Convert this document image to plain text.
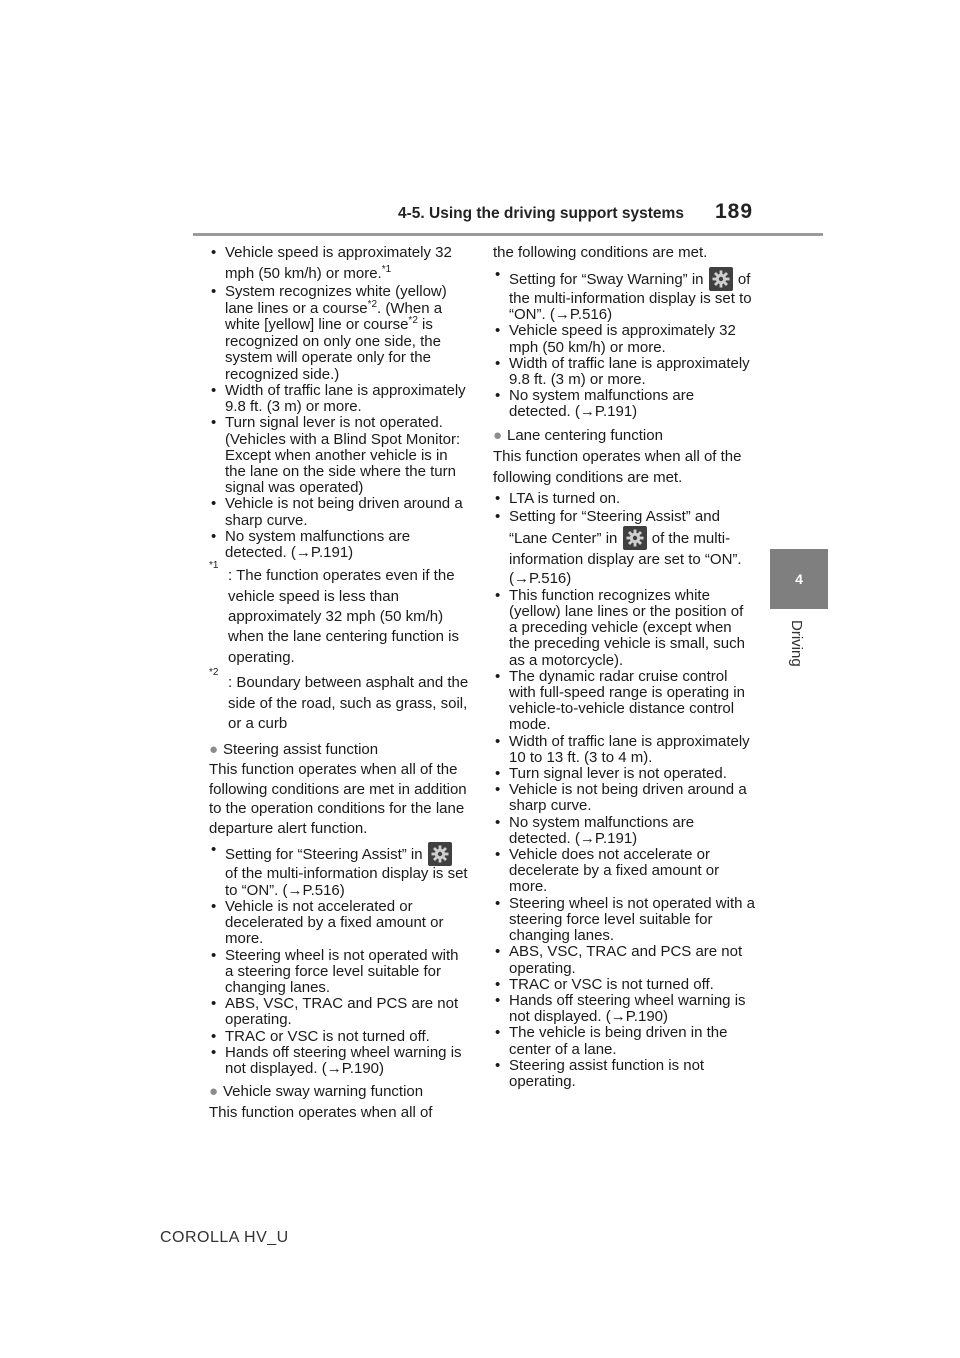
4-5. Using the driving support systems 189
4
Driving
COROLLA HV_U
• Vehicle speed is approximately 32 mph (50 km/h) or more.$^{*1}$
• System recognizes white (yellow) lane lines or a course$^{*2}$. (When a white [yellow] line or course$^{*2}$ is recognized on only one side, the system will operate only for the recognized side.)
• Width of traffic lane is approximately 9.8 ft. (3 m) or more.
• Turn signal lever is not operated. (Vehicles with a Blind Spot Monitor: Except when another vehicle is in the lane on the side where the turn signal was operated)
• Vehicle is not being driven around a sharp curve.
• No system malfunctions are detected. (→P.191)
*1
: The function operates even if the vehicle speed is less than approximately 32 mph (50 km/h) when the lane centering function is operating.
*2
: Boundary between asphalt and the side of the road, such as grass, soil, or a curb
● Steering assist function
This function operates when all of the following conditions are met in addition to the operation conditions for the lane departure alert function.
• Setting for “Steering Assist” in
of the multi-information display is set to “ON”. (→P.516)
• Vehicle is not accelerated or decelerated by a fixed amount or more.
• Steering wheel is not operated with a steering force level suitable for changing lanes.
• ABS, VSC, TRAC and PCS are not operating.
• TRAC or VSC is not turned off.
• Hands off steering wheel warning is not displayed. (→P.190)
● Vehicle sway warning function
This function operates when all of
the following conditions are met.
• Setting for “Sway Warning” in
of the multi-information display is set to “ON”. (→P.516)
• Vehicle speed is approximately 32 mph (50 km/h) or more.
• Width of traffic lane is approximately 9.8 ft. (3 m) or more.
• No system malfunctions are detected. (→P.191)
● Lane centering function
This function operates when all of the following conditions are met.
• LTA is turned on.
• Setting for “Steering Assist” and “Lane Center” in
of the multi-information display are set to “ON”. (→P.516)
• This function recognizes white (yellow) lane lines or the position of a preceding vehicle (except when the preceding vehicle is small, such as a motorcycle).
• The dynamic radar cruise control with full-speed range is operating in vehicle-to-vehicle distance control mode.
• Width of traffic lane is approximately 10 to 13 ft. (3 to 4 m).
• Turn signal lever is not operated.
• Vehicle is not being driven around a sharp curve.
• No system malfunctions are detected. (→P.191)
• Vehicle does not accelerate or decelerate by a fixed amount or more.
• Steering wheel is not operated with a steering force level suitable for changing lanes.
• ABS, VSC, TRAC and PCS are not operating.
• TRAC or VSC is not turned off.
• Hands off steering wheel warning is not displayed. (→P.190)
• The vehicle is being driven in the center of a lane.
• Steering assist function is not operating.
